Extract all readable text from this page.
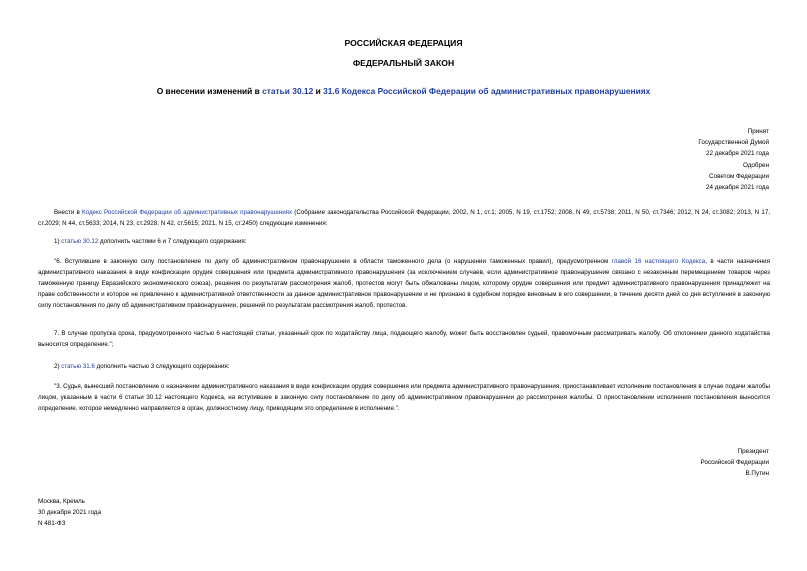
РОССИЙСКАЯ ФЕДЕРАЦИЯ
ФЕДЕРАЛЬНЫЙ ЗАКОН
О внесении изменений в статьи 30.12 и 31.6 Кодекса Российской Федерации об административных правонарушениях
Принят
Государственной Думой
22 декабря 2021 года
Одобрен
Советом Федерации
24 декабря 2021 года
Внести в Кодекс Российской Федерации об административных правонарушениях (Собрание законодательства Российской Федерации, 2002, N 1, ст.1; 2005, N 19, ст.1752; 2008, N 49, ст.5738; 2011, N 50, ст.7346; 2012, N 24, ст.3082; 2013, N 17, ст.2029; N 44, ст.5633; 2014, N 23, ст.2928; N 42, ст.5615; 2021, N 15, ст.2450) следующие изменения:
1) статью 30.12 дополнить частями 6 и 7 следующего содержания:
"6. Вступившие в законную силу постановление по делу об административном правонарушении в области таможенного дела (о нарушении таможенных правил), предусмотренном главой 16 настоящего Кодекса, в части назначения административного наказания в виде конфискации орудия совершения или предмета административного правонарушения (за исключением случаев, если административное правонарушение связано с незаконным перемещением товаров через таможенную границу Евразийского экономического союза), решения по результатам рассмотрения жалоб, протестов могут быть обжалованы лицом, которому орудие совершения или предмет административного правонарушения принадлежит на праве собственности и которое не привлечено к административной ответственности за данное административное правонарушение и не признано в судебном порядке виновным в его совершении, в течение десяти дней со дня вступления в законную силу постановления по делу об административном правонарушении, решений по результатам рассмотрения жалоб, протестов.
7. В случае пропуска срока, предусмотренного частью 6 настоящей статьи, указанный срок по ходатайству лица, подающего жалобу, может быть восстановлен судьей, правомочным рассматривать жалобу. Об отклонении данного ходатайства выносится определение.";
2) статью 31.6 дополнить частью 3 следующего содержания:
"3. Судья, вынесший постановление о назначении административного наказания в виде конфискации орудия совершения или предмета административного правонарушения, приостанавливает исполнение постановления в случае подачи жалобы лицом, указанным в части 6 статьи 30.12 настоящего Кодекса, на вступившее в законную силу постановление по делу об административном правонарушении до рассмотрения жалобы. О приостановлении исполнения постановления выносится определение, которое немедленно направляется в орган, должностному лицу, приводящим это определение в исполнение.".
Президент
Российской Федерации
В.Путин
Москва, Кремль
30 декабря 2021 года
N 481-ФЗ
